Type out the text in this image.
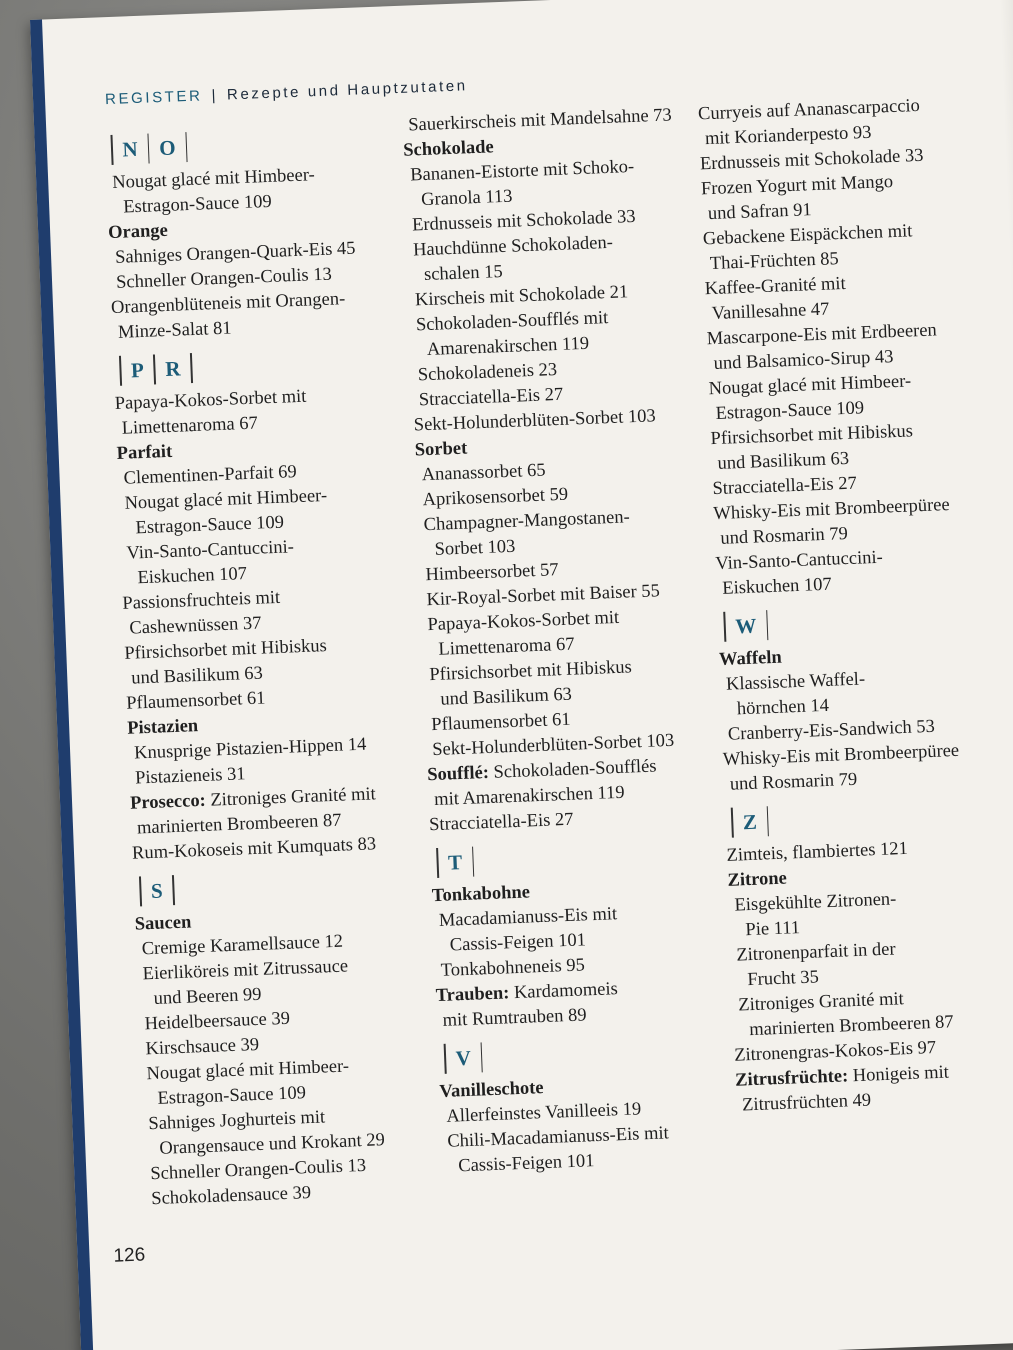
REGISTER | Rezepte und Hauptzutaten
N O
Nougat glacé mit Himbeer-
Estragon-Sauce 109
Orange
Sahniges Orangen-Quark-Eis 45
Schneller Orangen-Coulis 13
Orangenblüteneis mit Orangen-
Minze-Salat 81
P R
Papaya-Kokos-Sorbet mit
Limettenaroma 67
Parfait
Clementinen-Parfait 69
Nougat glacé mit Himbeer-
Estragon-Sauce 109
Vin-Santo-Cantuccini-
Eiskuchen 107
Passionsfruchteis mit
Cashewnüssen 37
Pfirsichsorbet mit Hibiskus
und Basilikum 63
Pflaumensorbet 61
Pistazien
Knusprige Pistazien-Hippen 14
Pistazieneis 31
Prosecco: Zitroniges Granité mit
marinierten Brombeeren 87
Rum-Kokoseis mit Kumquats 83
S
Saucen
Cremige Karamellsauce 12
Eierliköreis mit Zitrussauce
und Beeren 99
Heidelbeersauce 39
Kirschsauce 39
Nougat glacé mit Himbeer-
Estragon-Sauce 109
Sahniges Joghurteis mit
Orangensauce und Krokant 29
Schneller Orangen-Coulis 13
Schokoladensauce 39
Sauerkirscheis mit Mandelsahne 73
Schokolade
Bananen-Eistorte mit Schoko-
Granola 113
Erdnusseis mit Schokolade 33
Hauchdünne Schokoladen-
schalen 15
Kirscheis mit Schokolade 21
Schokoladen-Soufflés mit
Amarenakirschen 119
Schokoladeneis 23
Stracciatella-Eis 27
Sekt-Holunderblüten-Sorbet 103
Sorbet
Ananassorbet 65
Aprikosensorbet 59
Champagner-Mangostanen-
Sorbet 103
Himbeersorbet 57
Kir-Royal-Sorbet mit Baiser 55
Papaya-Kokos-Sorbet mit
Limettenaroma 67
Pfirsichsorbet mit Hibiskus
und Basilikum 63
Pflaumensorbet 61
Sekt-Holunderblüten-Sorbet 103
Soufflé: Schokoladen-Soufflés
mit Amarenakirschen 119
Stracciatella-Eis 27
T
Tonkabohne
Macadamianuss-Eis mit
Cassis-Feigen 101
Tonkabohneneis 95
Trauben: Kardamomeis
mit Rumtrauben 89
V
Vanilleschote
Allerfeinstes Vanilleeis 19
Chili-Macadamianuss-Eis mit
Cassis-Feigen 101
Curryeis auf Ananascarpaccio
mit Korianderpesto 93
Erdnusseis mit Schokolade 33
Frozen Yogurt mit Mango
und Safran 91
Gebackene Eispäckchen mit
Thai-Früchten 85
Kaffee-Granité mit
Vanillesahne 47
Mascarpone-Eis mit Erdbeeren
und Balsamico-Sirup 43
Nougat glacé mit Himbeer-
Estragon-Sauce 109
Pfirsichsorbet mit Hibiskus
und Basilikum 63
Stracciatella-Eis 27
Whisky-Eis mit Brombeerpüree
und Rosmarin 79
Vin-Santo-Cantuccini-
Eiskuchen 107
W
Waffeln
Klassische Waffel-
hörnchen 14
Cranberry-Eis-Sandwich 53
Whisky-Eis mit Brombeerpüree
und Rosmarin 79
Z
Zimteis, flambiertes 121
Zitrone
Eisgekühlte Zitronen-
Pie 111
Zitronenparfait in der
Frucht 35
Zitroniges Granité mit
marinierten Brombeeren 87
Zitronengras-Kokos-Eis 97
Zitrusfrüchte: Honigeis mit
Zitrusfrüchten 49
126
